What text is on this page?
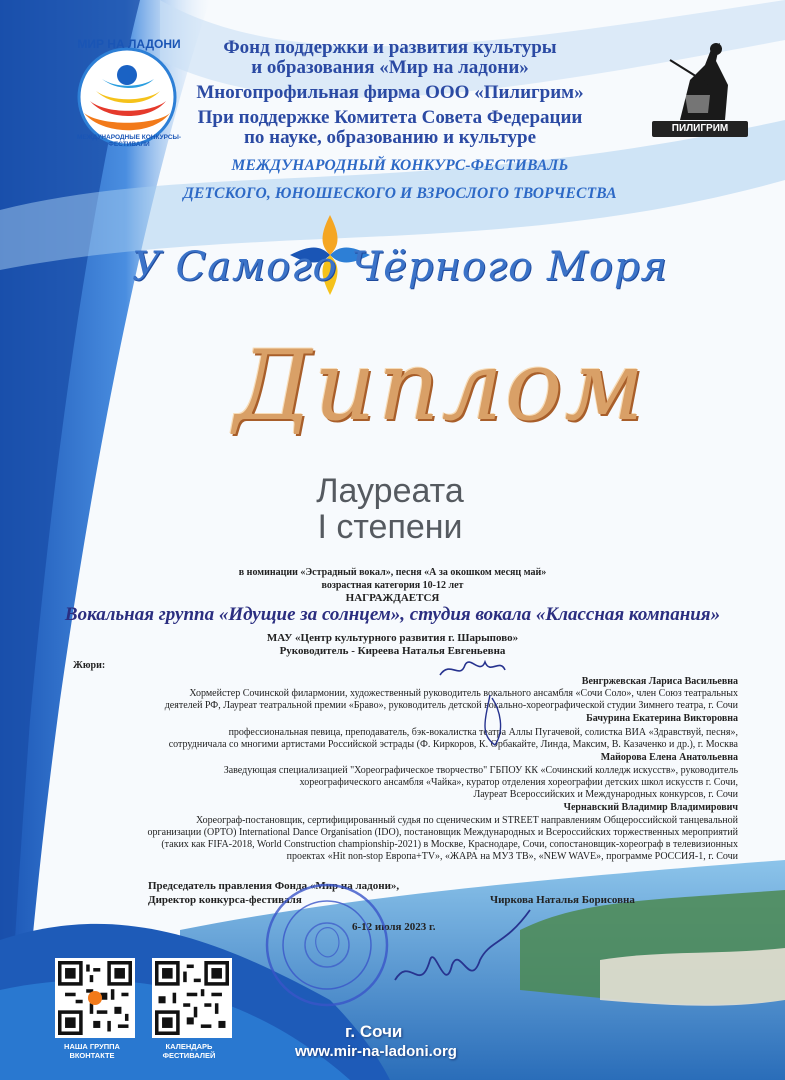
МИР НА ЛАДОНИ
МЕЖДУНАРОДНЫЕ КОНКУРСЫ-ФЕСТИВАЛИ
ПИЛИГРИМ
Фонд поддержки и развития культуры
и образования «Мир на ладони»
Многопрофильная фирма ООО «Пилигрим»
При поддержке Комитета Совета Федерации
по науке, образованию и культуре
МЕЖДУНАРОДНЫЙ КОНКУРС-ФЕСТИВАЛЬ
ДЕТСКОГО, ЮНОШЕСКОГО И ВЗРОСЛОГО ТВОРЧЕСТВА
У Самого Чёрного Моря
Диплом
Лауреата
I степени
в номинации «Эстрадный вокал», песня «А за окошком месяц май»
возрастная категория 10-12 лет
НАГРАЖДАЕТСЯ
Вокальная группа «Идущие за солнцем», студия вокала «Классная компания»
МАУ «Центр культурного развития г. Шарыпово»
Руководитель - Киреева Наталья Евгеньевна
Жюри:
Венгржевская Лариса Васильевна
Хормейстер Сочинской филармонии, художественный руководитель вокального ансамбля «Сочи Соло», член Союз театральных
деятелей РФ, Лауреат театральной премии «Браво», руководитель детской вокально-хореографической студии Зимнего театра, г. Сочи
Бачурина Екатерина Викторовна
профессиональная певица, преподаватель, бэк-вокалистка театра Аллы Пугачевой, солистка ВИА «Здравствуй, песня»,
сотрудничала со многими артистами Российской эстрады (Ф. Киркоров, К. Орбакайте, Линда, Максим, В. Казаченко и др.), г. Москва
Майорова Елена Анатольевна
Заведующая специализацией "Хореографическое творчество" ГБПОУ КК «Сочинский колледж искусств», руководитель
хореографического ансамбля «Чайка», куратор отделения хореографии детских школ искусств г. Сочи,
Лауреат Всероссийских и Международных конкурсов, г. Сочи
Чернавский Владимир Владимирович
Хореограф-постановщик, сертифицированный судья по сценическим и STREET направлениям Общероссийской танцевальной
организации (ОРТО) International Dance Organisation (IDO), постановщик Международных и Всероссийских торжественных мероприятий
(таких как FIFA-2018, World Construction championship-2021) в Москве, Краснодаре, Сочи, сопостановщик-хореограф в телевизионных
проектах «Hit non-stop Европа+TV», «ЖАРА на МУЗ ТВ», «NEW WAVE», программе РОССИЯ-1, г. Сочи
Председатель правления Фонда «Мир на ладони»,
Директор конкурса-фестиваля	Чиркова Наталья Борисовна
6-12 июля 2023 г.
НАША ГРУППА
ВКОНТАКТЕ
КАЛЕНДАРЬ
ФЕСТИВАЛЕЙ
г. Сочи
www.mir-na-ladoni.org
